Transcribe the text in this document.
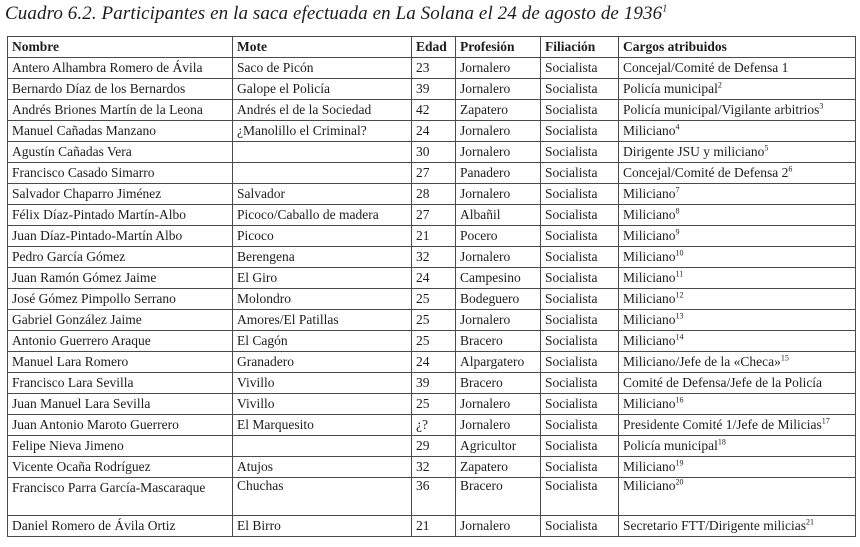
Cuadro 6.2. Participantes en la saca efectuada en La Solana el 24 de agosto de 1936$^1$
Nombre	Mote	Edad	Profesión	Filiación	Cargos atribuidos
Antero Alhambra Romero de Ávila	Saco de Picón	23	Jornalero	Socialista	Concejal/Comité de Defensa 1
Bernardo Díaz de los Bernardos	Galope el Policía	39	Jornalero	Socialista	Policía municipal$^2$
Andrés Briones Martín de la Leona	Andrés el de la Sociedad	42	Zapatero	Socialista	Policía municipal/Vigilante arbitrios$^3$
Manuel Cañadas Manzano	¿Manolillo el Criminal?	24	Jornalero	Socialista	Miliciano$^4$
Agustín Cañadas Vera		30	Jornalero	Socialista	Dirigente JSU y miliciano$^5$
Francisco Casado Simarro		27	Panadero	Socialista	Concejal/Comité de Defensa 2$^6$
Salvador Chaparro Jiménez	Salvador	28	Jornalero	Socialista	Miliciano$^7$
Félix Díaz-Pintado Martín-Albo	Picoco/Caballo de madera	27	Albañil	Socialista	Miliciano$^8$
Juan Díaz-Pintado-Martín Albo	Picoco	21	Pocero	Socialista	Miliciano$^9$
Pedro García Gómez	Berengena	32	Jornalero	Socialista	Miliciano$^{10}$
Juan Ramón Gómez Jaime	El Giro	24	Campesino	Socialista	Miliciano$^{11}$
José Gómez Pimpollo Serrano	Molondro	25	Bodeguero	Socialista	Miliciano$^{12}$
Gabriel González Jaime	Amores/El Patillas	25	Jornalero	Socialista	Miliciano$^{13}$
Antonio Guerrero Araque	El Cagón	25	Bracero	Socialista	Miliciano$^{14}$
Manuel Lara Romero	Granadero	24	Alpargatero	Socialista	Miliciano/Jefe de la «Checa»$^{15}$
Francisco Lara Sevilla	Vivillo	39	Bracero	Socialista	Comité de Defensa/Jefe de la Policía
Juan Manuel Lara Sevilla	Vivillo	25	Jornalero	Socialista	Miliciano$^{16}$
Juan Antonio Maroto Guerrero	El Marquesito	¿?	Jornalero	Socialista	Presidente Comité 1/Jefe de Milicias$^{17}$
Felipe Nieva Jimeno		29	Agricultor	Socialista	Policía municipal$^{18}$
Vicente Ocaña Rodríguez	Atujos	32	Zapatero	Socialista	Miliciano$^{19}$
Francisco Parra García-Mascaraque	Chuchas	36	Bracero	Socialista	Miliciano$^{20}$
Daniel Romero de Ávila Ortiz	El Birro	21	Jornalero	Socialista	Secretario FTT/Dirigente milicias$^{21}$
